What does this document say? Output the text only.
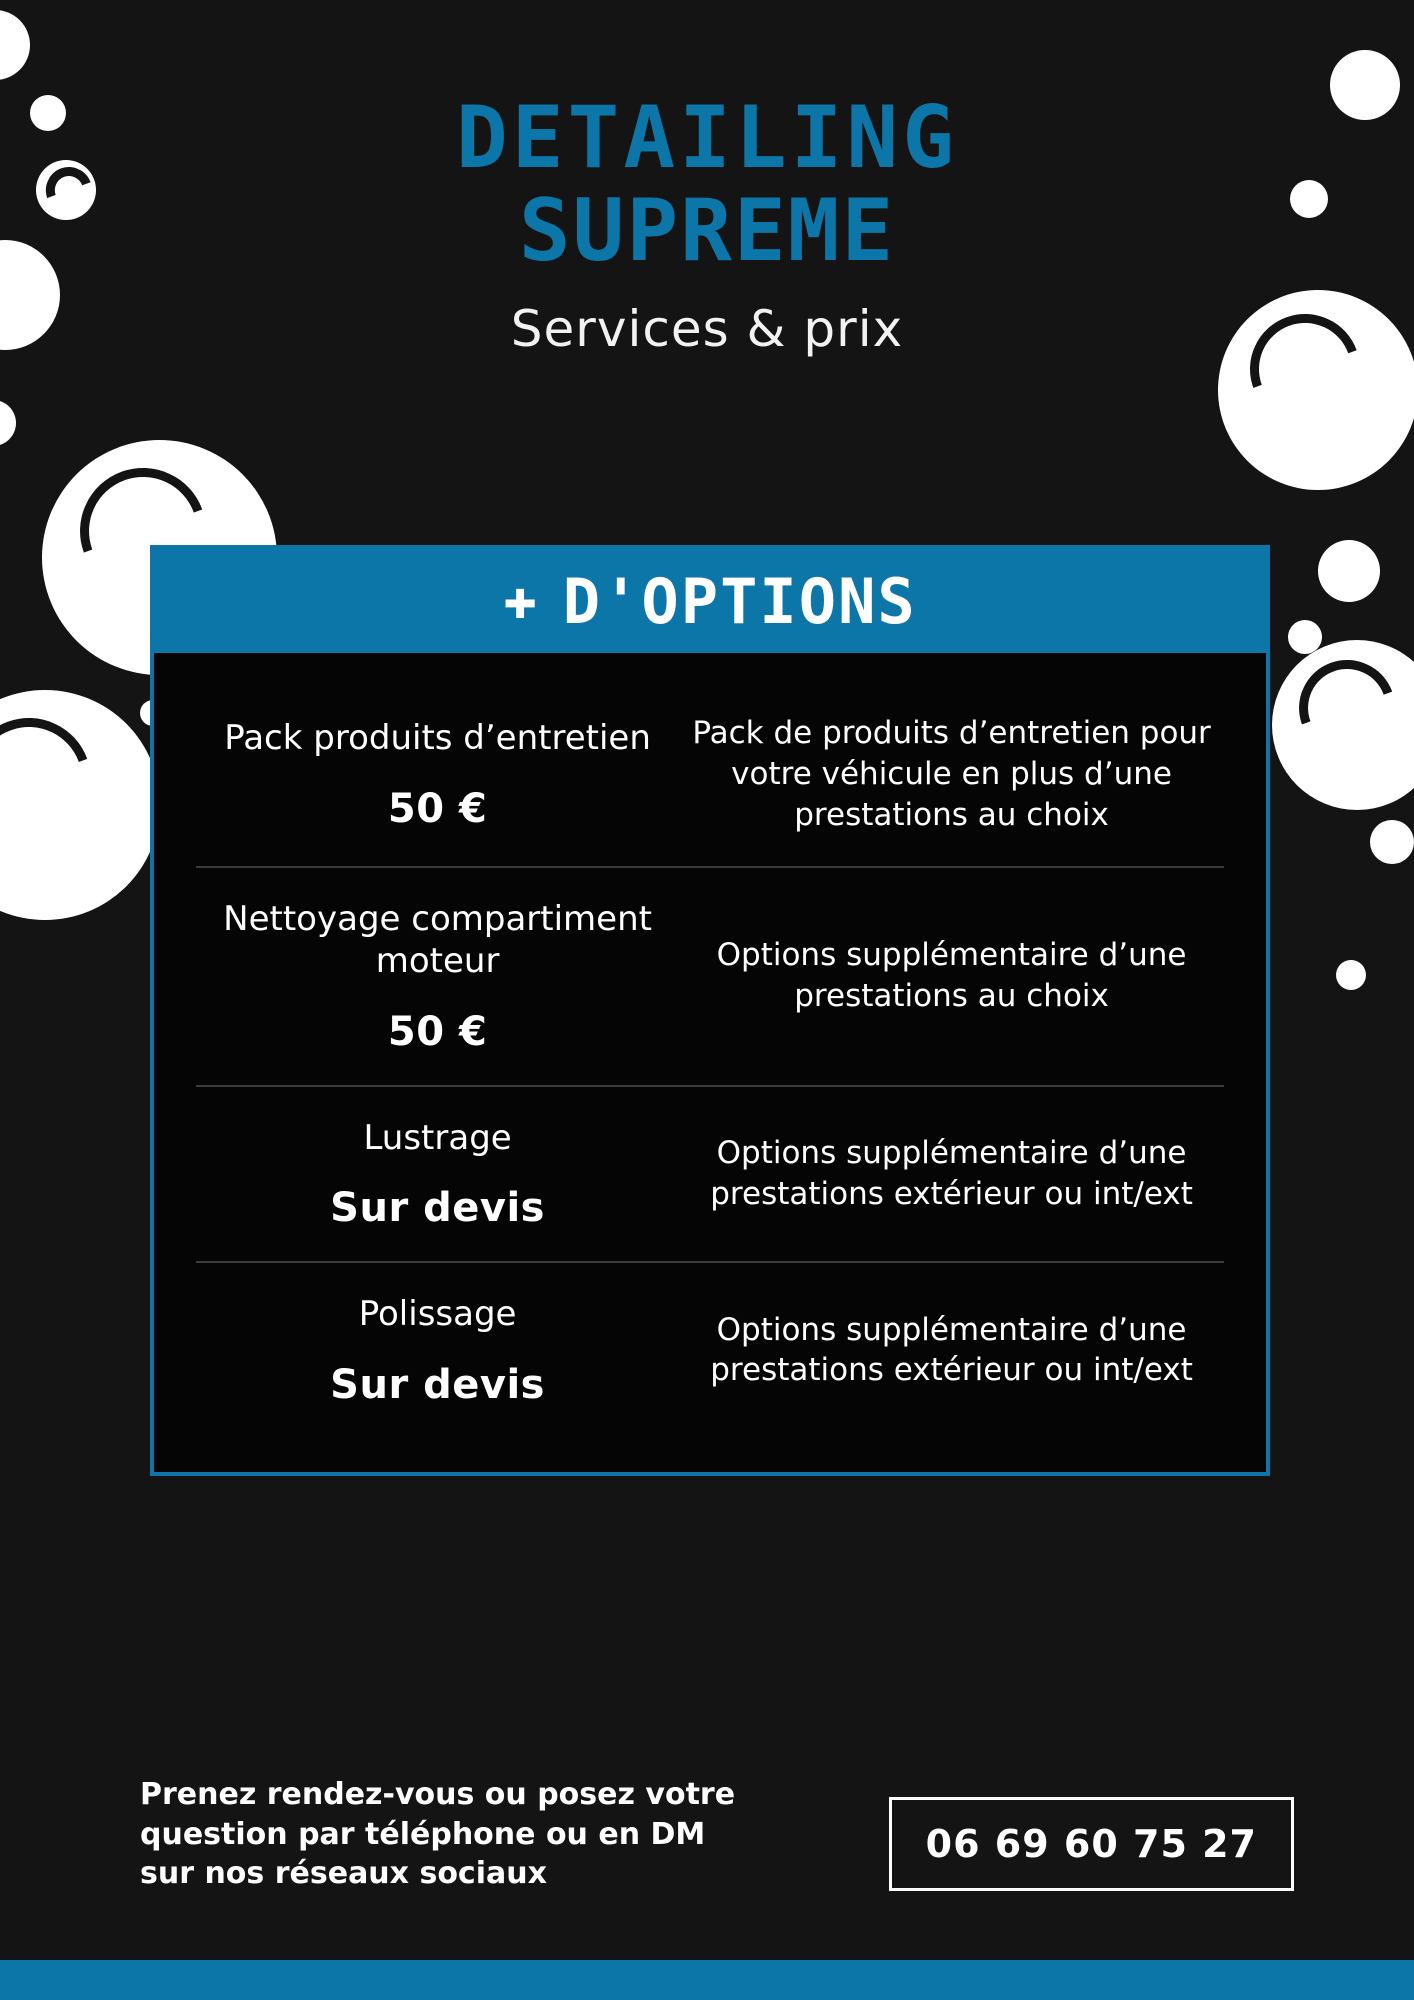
DETAILING
SUPREME
Services & prix
✚ D'OPTIONS
Pack produits d’entretien
50 €
Pack de produits d’entretien pour votre véhicule en plus d’une prestations au choix
Nettoyage compartiment moteur
50 €
Options supplémentaire d’une prestations au choix
Lustrage
Sur devis
Options supplémentaire d’une prestations extérieur ou int/ext
Polissage
Sur devis
Options supplémentaire d’une prestations extérieur ou int/ext
Prenez rendez-vous ou posez votre question par téléphone ou en DM sur nos réseaux sociaux
06 69 60 75 27
